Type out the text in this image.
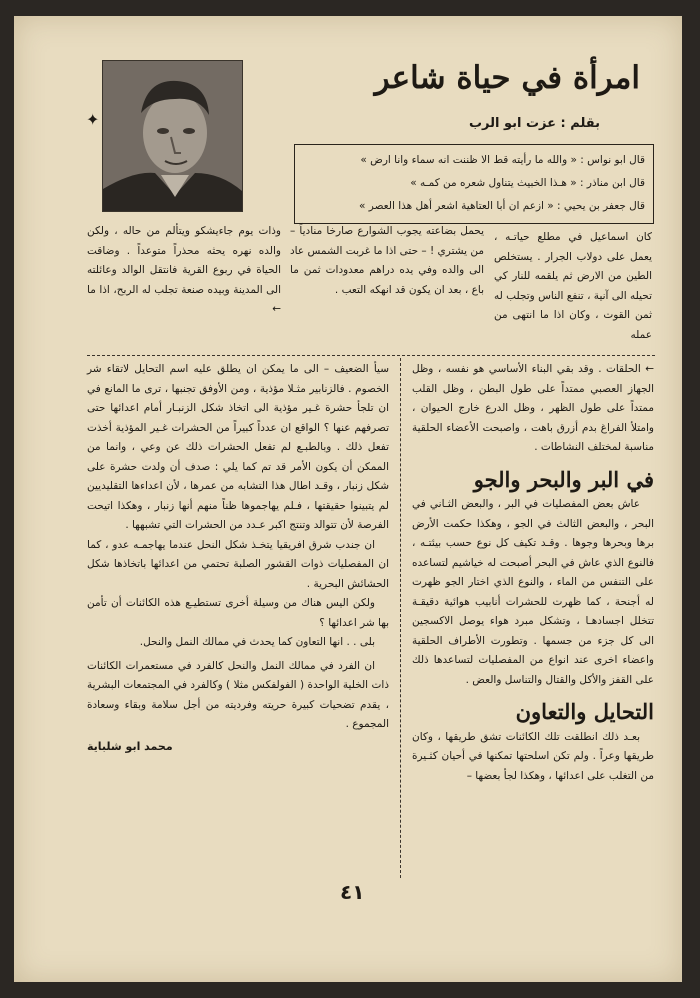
✦
امرأة في حياة شاعر
بقلم : عزت ابو الرب

قال ابو نواس : « والله ما رأيته قط الا ظننت انه سماء وانا ارض »

قال ابن مناذر : « هـذا الخبيث يتناول شعره من كمـه »

قال جعفر بن يحيي : « ازعم ان أبا العتاهية اشعر أهل هذا العصر »

كان اسماعيل في مطلع حياتـه ، يعمل على دولاب الجرار . يستخلص الطين من الارض ثم يلقمه للنار كي تحيله الى آنية ، تنفع الناس وتجلب له ثمن القوت ، وكان اذا ما انتهى من عمله

يحمل بضاعته يجوب الشوارع صارخا منادياً – من يشتري ! – حتى اذا ما غربت الشمس عاد الى والده وفي يده دراهم معدودات ثمن ما باع ، بعد ان يكون قد انهكه التعب .

وذات يوم جاءيشكو ويتألم من حاله ، ولكن والده نهره يحثه محذراً متوعداً . وضاقت الحياة في ربوع القرية فانتقل الوالد وعائلته الى المدينة وبيده صنعة تجلب له الربح، اذا ما ←

← الحلقات . وقد بقي البناء الأساسي هو نفسه ، وظل الجهاز العصبي ممتداً على طول البطن ، وظل القلب ممتداً على طول الظهر ، وظل الدرع خارج الحيوان ، وامتلأ الفراغ بدم أزرق باهت ، واصبحت الأعضاء الحلقية مناسبة لمختلف النشاطات .

في البر والبحر والجو

عاش بعض المفصليات في البر ، والبعض الثـاني في البحر ، والبعض الثالث في الجو ، وهكذا حكمت الأرض برها وبحرها وجوها . وقـد تكيف كل نوع حسب بيئتـه ، فالنوع الذي عاش في البحر أصبحت له خياشيم لتساعده على التنفس من الماء ، والنوع الذي اختار الجو ظهرت له أجنحة ، كما ظهرت للحشرات أنابيب هوائية دقيقـة تتخلل اجسادهـا ، وتشكل مبرد هواء يوصل الاكسجين الى كل جزء من جسمها . وتطورت الأطراف الحلقية واعضاء اخرى عند انواع من المفصليات لتساعدها ذلك على القفز والأكل والقتال والتناسل والعض .

التحايل والتعاون

بعـد ذلك انطلقت تلك الكائنات تشق طريقها ، وكان طريقها وعراً . ولم تكن اسلحتها تمكنها في أحيان كثـيرة من التغلب على اعدائها ، وهكذا لجأ بعضها –

سيأ الضعيف – الى ما يمكن ان يطلق عليه اسم التحايل لاتقاء شر الخصوم . فالزنابير مثـلا مؤذية ، ومن الأوفق تجنبها ، ترى ما المانع في ان تلجأ حشرة غـير مؤذية الى اتخاذ شكل الزنبـار أمام اعدائها حتى تصرفهم عنها ؟ الواقع ان عدداً كبيراً من الحشرات غـير المؤذية أخذت تفعل ذلك . وبالطبـع لم تفعل الحشرات ذلك عن وعي ، وانما من الممكن أن يكون الأمر قد تم كما يلي : صدف أن ولدت حشرة على شكل زنبار ، وقـد اطال هذا التشابه من عمرها ، لأن اعداءها التقليديين لم يتبينوا حقيقتها ، فـلم يهاجموها ظناً منهم أنها زنبار ، وهكذا اتيحت الفرصة لأن تتوالد وتنتج اكبر عـدد من الحشرات التي تشبهها .

ان جندب شرق افريقيا يتخـذ شكل النحل عندما يهاجمـه عدو ، كما ان المفصليات ذوات القشور الصلبة تحتمي من اعدائها باتخاذها شكل الحشائش البحرية .

ولكن اليس هناك من وسيلة أخرى تستطيـع هذه الكائنات أن تأمن بها شر اعدائها ؟

بلى . . انها التعاون كما يحدث في ممالك النمل والنحل.

ان الفرد في ممالك النمل والنحل كالفرد في مستعمرات الكائنات ذات الخلية الواحدة ( الفولفكس مثلا ) وكالفرد في المجتمعات البشرية ، يقدم تضحيات كبيرة حريته وفرديته من أجل سلامة وبقاء وسعادة المجموع .

محمد ابو شلباية

٤١
